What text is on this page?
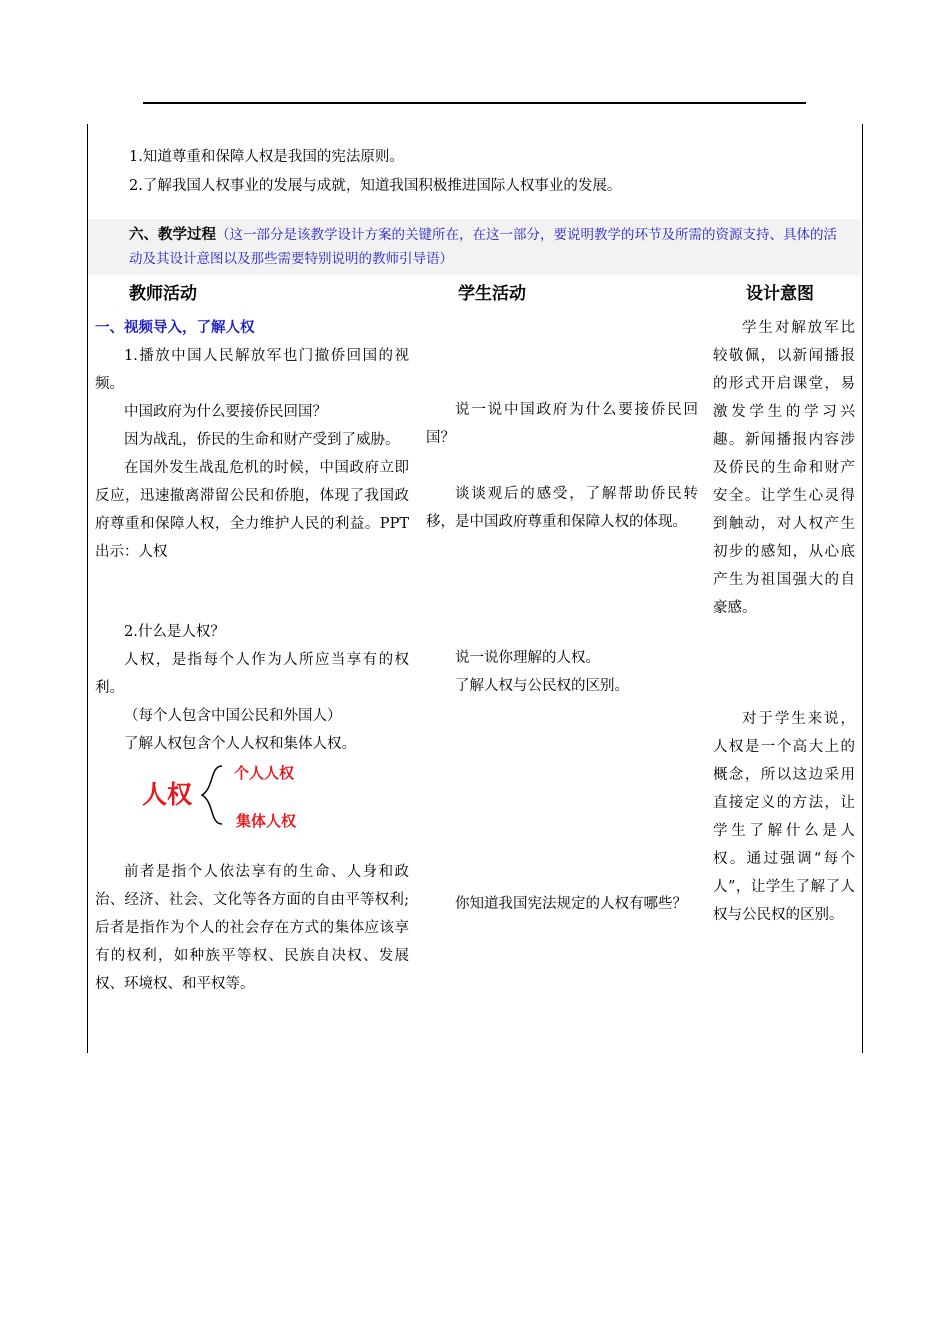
1.知道尊重和保障人权是我国的宪法原则。

2.了解我国人权事业的发展与成就，知道我国积极推进国际人权事业的发展。

六、教学过程（这一部分是该教学设计方案的关键所在，在这一部分，要说明教学的环节及所需的资源支持、具体的活动及其设计意图以及那些需要特别说明的教师引导语）
教师活动	学生活动	设计意图

一、视频导入，了解人权

1.播放中国人民解放军也门撤侨回国的视频。

中国政府为什么要接侨民回国？

因为战乱，侨民的生命和财产受到了威胁。

在国外发生战乱危机的时候，中国政府立即反应，迅速撤离滞留公民和侨胞，体现了我国政府尊重和保障人权，全力维护人民的利益。PPT出示：人权

2.什么是人权？

人权，是指每个人作为人所应当享有的权利。

（每个人包含中国公民和外国人）

了解人权包含个人人权和集体人权。

人权
个人人权
集体人权

前者是指个人依法享有的生命、人身和政治、经济、社会、文化等各方面的自由平等权利;后者是指作为个人的社会存在方式的集体应该享有的权利，如种族平等权、民族自决权、发展权、环境权、和平权等。

说一说中国政府为什么要接侨民回国？

谈谈观后的感受，了解帮助侨民转移，是中国政府尊重和保障人权的体现。

说一说你理解的人权。

了解人权与公民权的区别。

你知道我国宪法规定的人权有哪些？

学生对解放军比较敬佩，以新闻播报的形式开启课堂，易激发学生的学习兴趣。新闻播报内容涉及侨民的生命和财产安全。让学生心灵得到触动，对人权产生初步的感知，从心底产生为祖国强大的自豪感。

对于学生来说，人权是一个高大上的概念，所以这边采用直接定义的方法，让学生了解什么是人权。通过强调“每个人”，让学生了解了人权与公民权的区别。
